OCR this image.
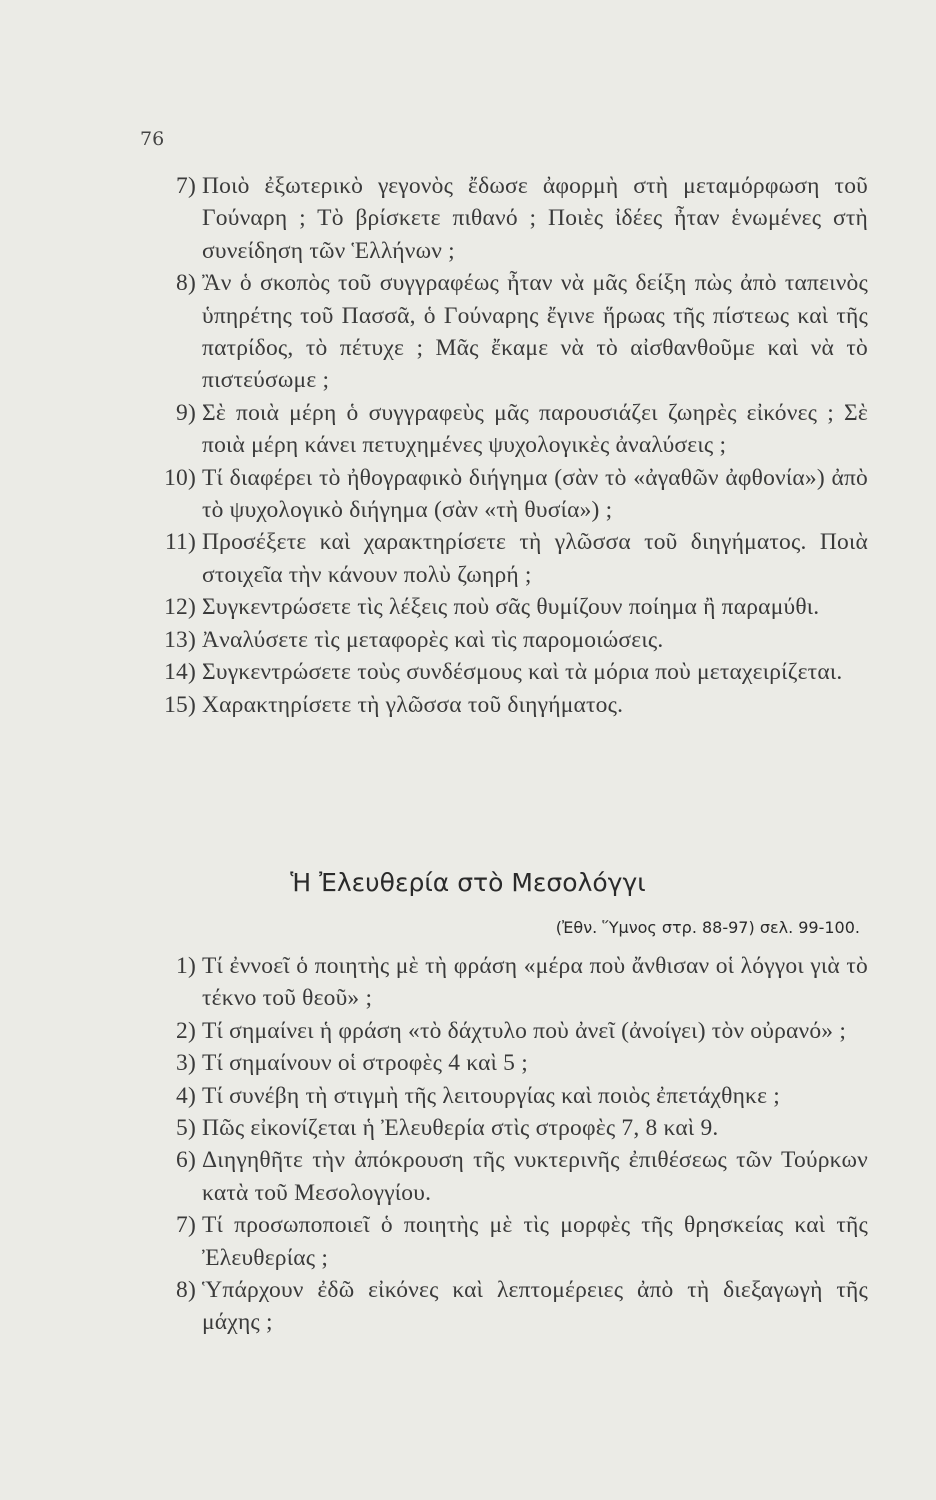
76
7) Ποιὸ ἐξωτερικὸ γεγονὸς ἔδωσε ἀφορμὴ στὴ μεταμόρφωση τοῦ Γούναρη ; Τὸ βρίσκετε πιθανό ; Ποιὲς ἰδέες ἦταν ἑνωμένες στὴ συνείδηση τῶν Ἑλλήνων ;
8) Ἂν ὁ σκοπὸς τοῦ συγγραφέως ἦταν νὰ μᾶς δείξη πὼς ἀπὸ ταπεινὸς ὑπηρέτης τοῦ Πασσᾶ, ὁ Γούναρης ἔγινε ἥρωας τῆς πίστεως καὶ τῆς πατρίδος, τὸ πέτυχε ; Μᾶς ἔκαμε νὰ τὸ αἰσθανθοῦμε καὶ νὰ τὸ πιστεύσωμε ;
9) Σὲ ποιὰ μέρη ὁ συγγραφεὺς μᾶς παρουσιάζει ζωηρὲς εἰκόνες ; Σὲ ποιὰ μέρη κάνει πετυχημένες ψυχολογικὲς ἀναλύσεις ;
10) Τί διαφέρει τὸ ἠθογραφικὸ διήγημα (σὰν τὸ «ἀγαθῶν ἀφθονία») ἀπὸ τὸ ψυχολογικὸ διήγημα (σὰν «τὴ θυσία») ;
11) Προσέξετε καὶ χαρακτηρίσετε τὴ γλῶσσα τοῦ διηγήματος. Ποιὰ στοιχεῖα τὴν κάνουν πολὺ ζωηρή ;
12) Συγκεντρώσετε τὶς λέξεις ποὺ σᾶς θυμίζουν ποίημα ἢ παραμύθι.
13) Ἀναλύσετε τὶς μεταφορὲς καὶ τὶς παρομοιώσεις.
14) Συγκεντρώσετε τοὺς συνδέσμους καὶ τὰ μόρια ποὺ μεταχειρίζεται.
15) Χαρακτηρίσετε τὴ γλῶσσα τοῦ διηγήματος.
Ἡ Ἐλευθερία στὸ Μεσολόγγι
(Ἐθν. Ὕμνος στρ. 88-97) σελ. 99-100.
1) Τί ἐννοεῖ ὁ ποιητὴς μὲ τὴ φράση «μέρα ποὺ ἄνθισαν οἱ λόγγοι γιὰ τὸ τέκνο τοῦ θεοῦ» ;
2) Τί σημαίνει ἡ φράση «τὸ δάχτυλο ποὺ ἀνεῖ (ἀνοίγει) τὸν οὐρανό» ;
3) Τί σημαίνουν οἱ στροφὲς 4 καὶ 5 ;
4) Τί συνέβη τὴ στιγμὴ τῆς λειτουργίας καὶ ποιὸς ἐπετάχθηκε ;
5) Πῶς εἰκονίζεται ἡ Ἐλευθερία στὶς στροφὲς 7, 8 καὶ 9.
6) Διηγηθῆτε τὴν ἀπόκρουση τῆς νυκτερινῆς ἐπιθέσεως τῶν Τούρκων κατὰ τοῦ Μεσολογγίου.
7) Τί προσωποποιεῖ ὁ ποιητὴς μὲ τὶς μορφὲς τῆς θρησκείας καὶ τῆς Ἐλευθερίας ;
8) Ὑπάρχουν ἐδῶ εἰκόνες καὶ λεπτομέρειες ἀπὸ τὴ διεξαγωγὴ τῆς μάχης ;
